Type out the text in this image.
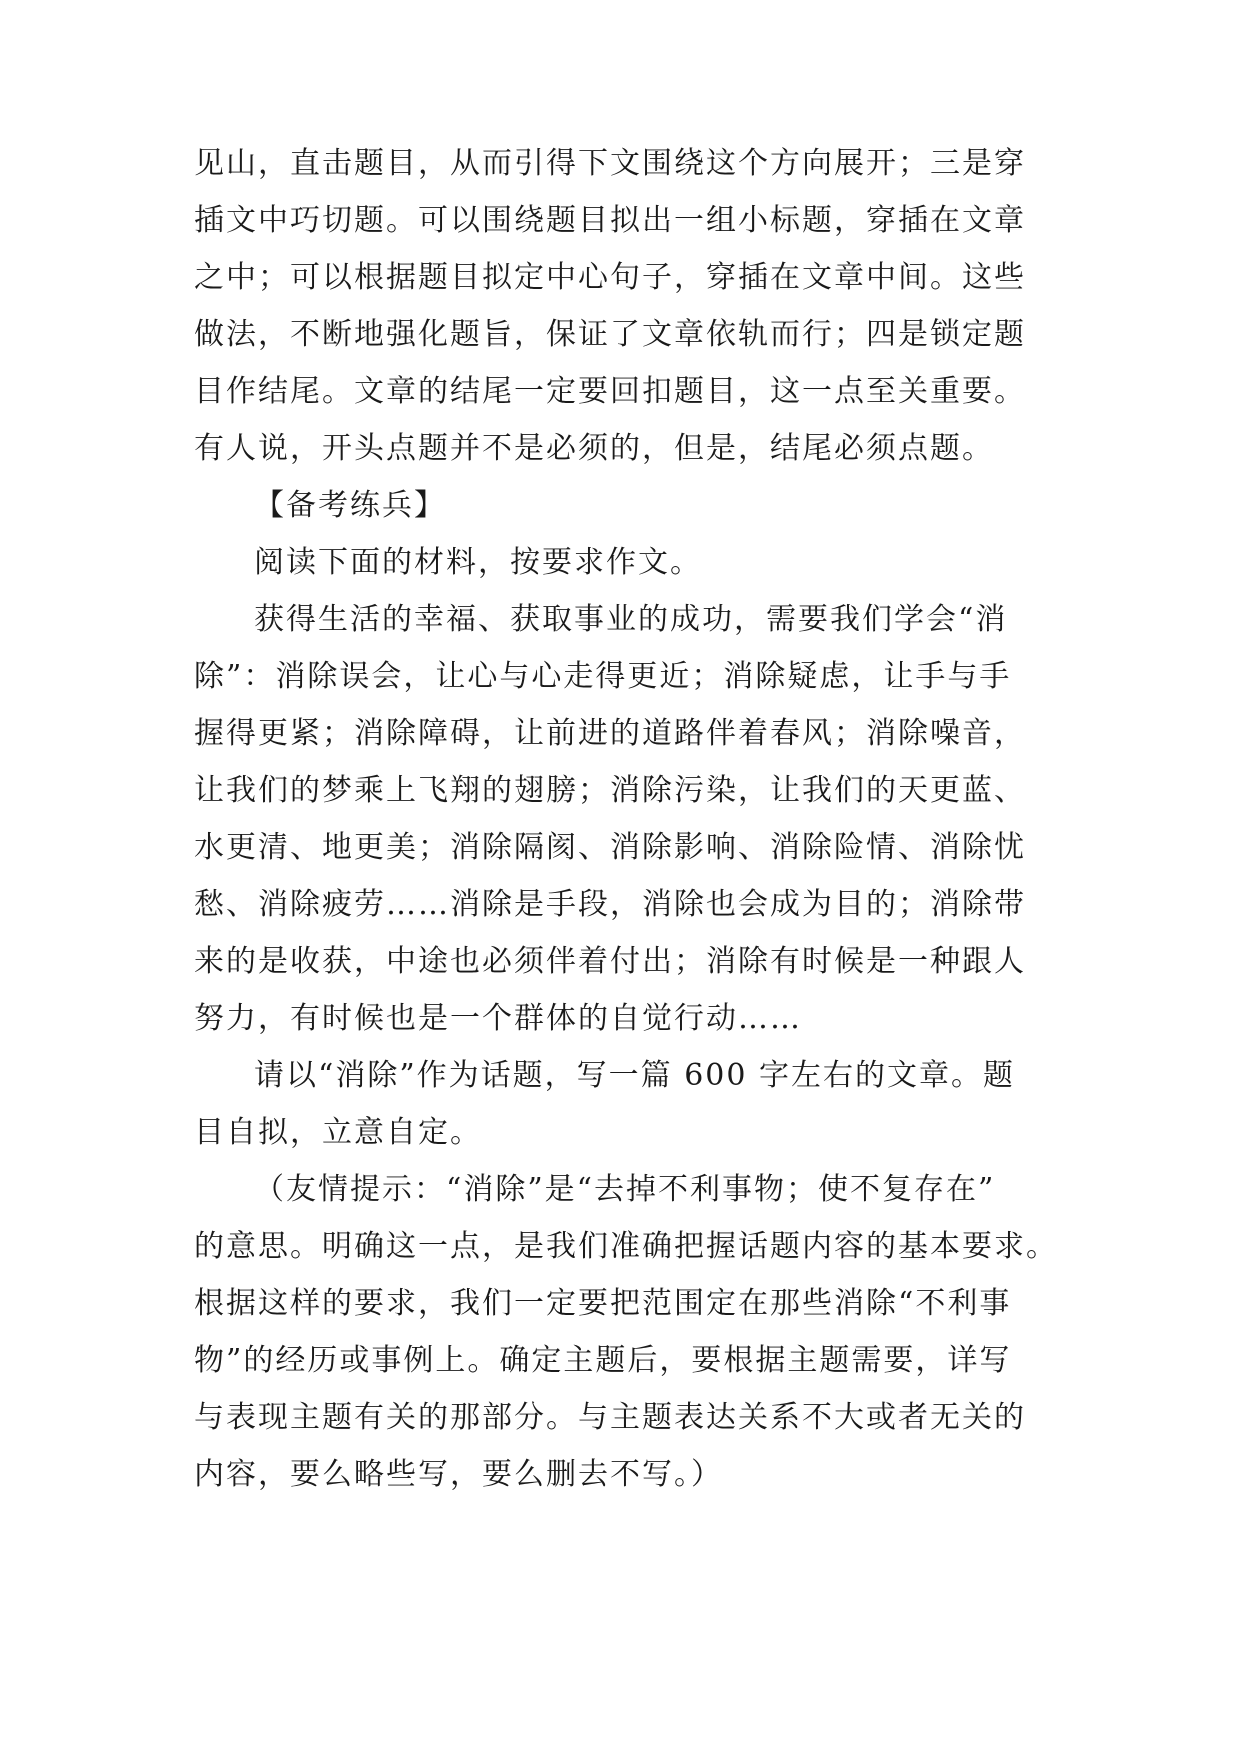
见山，直击题目，从而引得下文围绕这个方向展开；三是穿
插文中巧切题。可以围绕题目拟出一组小标题，穿插在文章
之中；可以根据题目拟定中心句子，穿插在文章中间。这些
做法，不断地强化题旨，保证了文章依轨而行；四是锁定题
目作结尾。文章的结尾一定要回扣题目，这一点至关重要。
有人说，开头点题并不是必须的，但是，结尾必须点题。
【备考练兵】
阅读下面的材料，按要求作文。
获得生活的幸福、获取事业的成功，需要我们学会“消
除”：消除误会，让心与心走得更近；消除疑虑，让手与手
握得更紧；消除障碍，让前进的道路伴着春风；消除噪音，
让我们的梦乘上飞翔的翅膀；消除污染，让我们的天更蓝、
水更清、地更美；消除隔阂、消除影响、消除险情、消除忧
愁、消除疲劳……消除是手段，消除也会成为目的；消除带
来的是收获，中途也必须伴着付出；消除有时候是一种跟人
努力，有时候也是一个群体的自觉行动……
请以“消除”作为话题，写一篇 600 字左右的文章。题
目自拟，立意自定。
（友情提示：“消除”是“去掉不利事物；使不复存在”
的意思。明确这一点，是我们准确把握话题内容的基本要求。
根据这样的要求，我们一定要把范围定在那些消除“不利事
物”的经历或事例上。确定主题后，要根据主题需要，详写
与表现主题有关的那部分。与主题表达关系不大或者无关的
内容，要么略些写，要么删去不写。）
